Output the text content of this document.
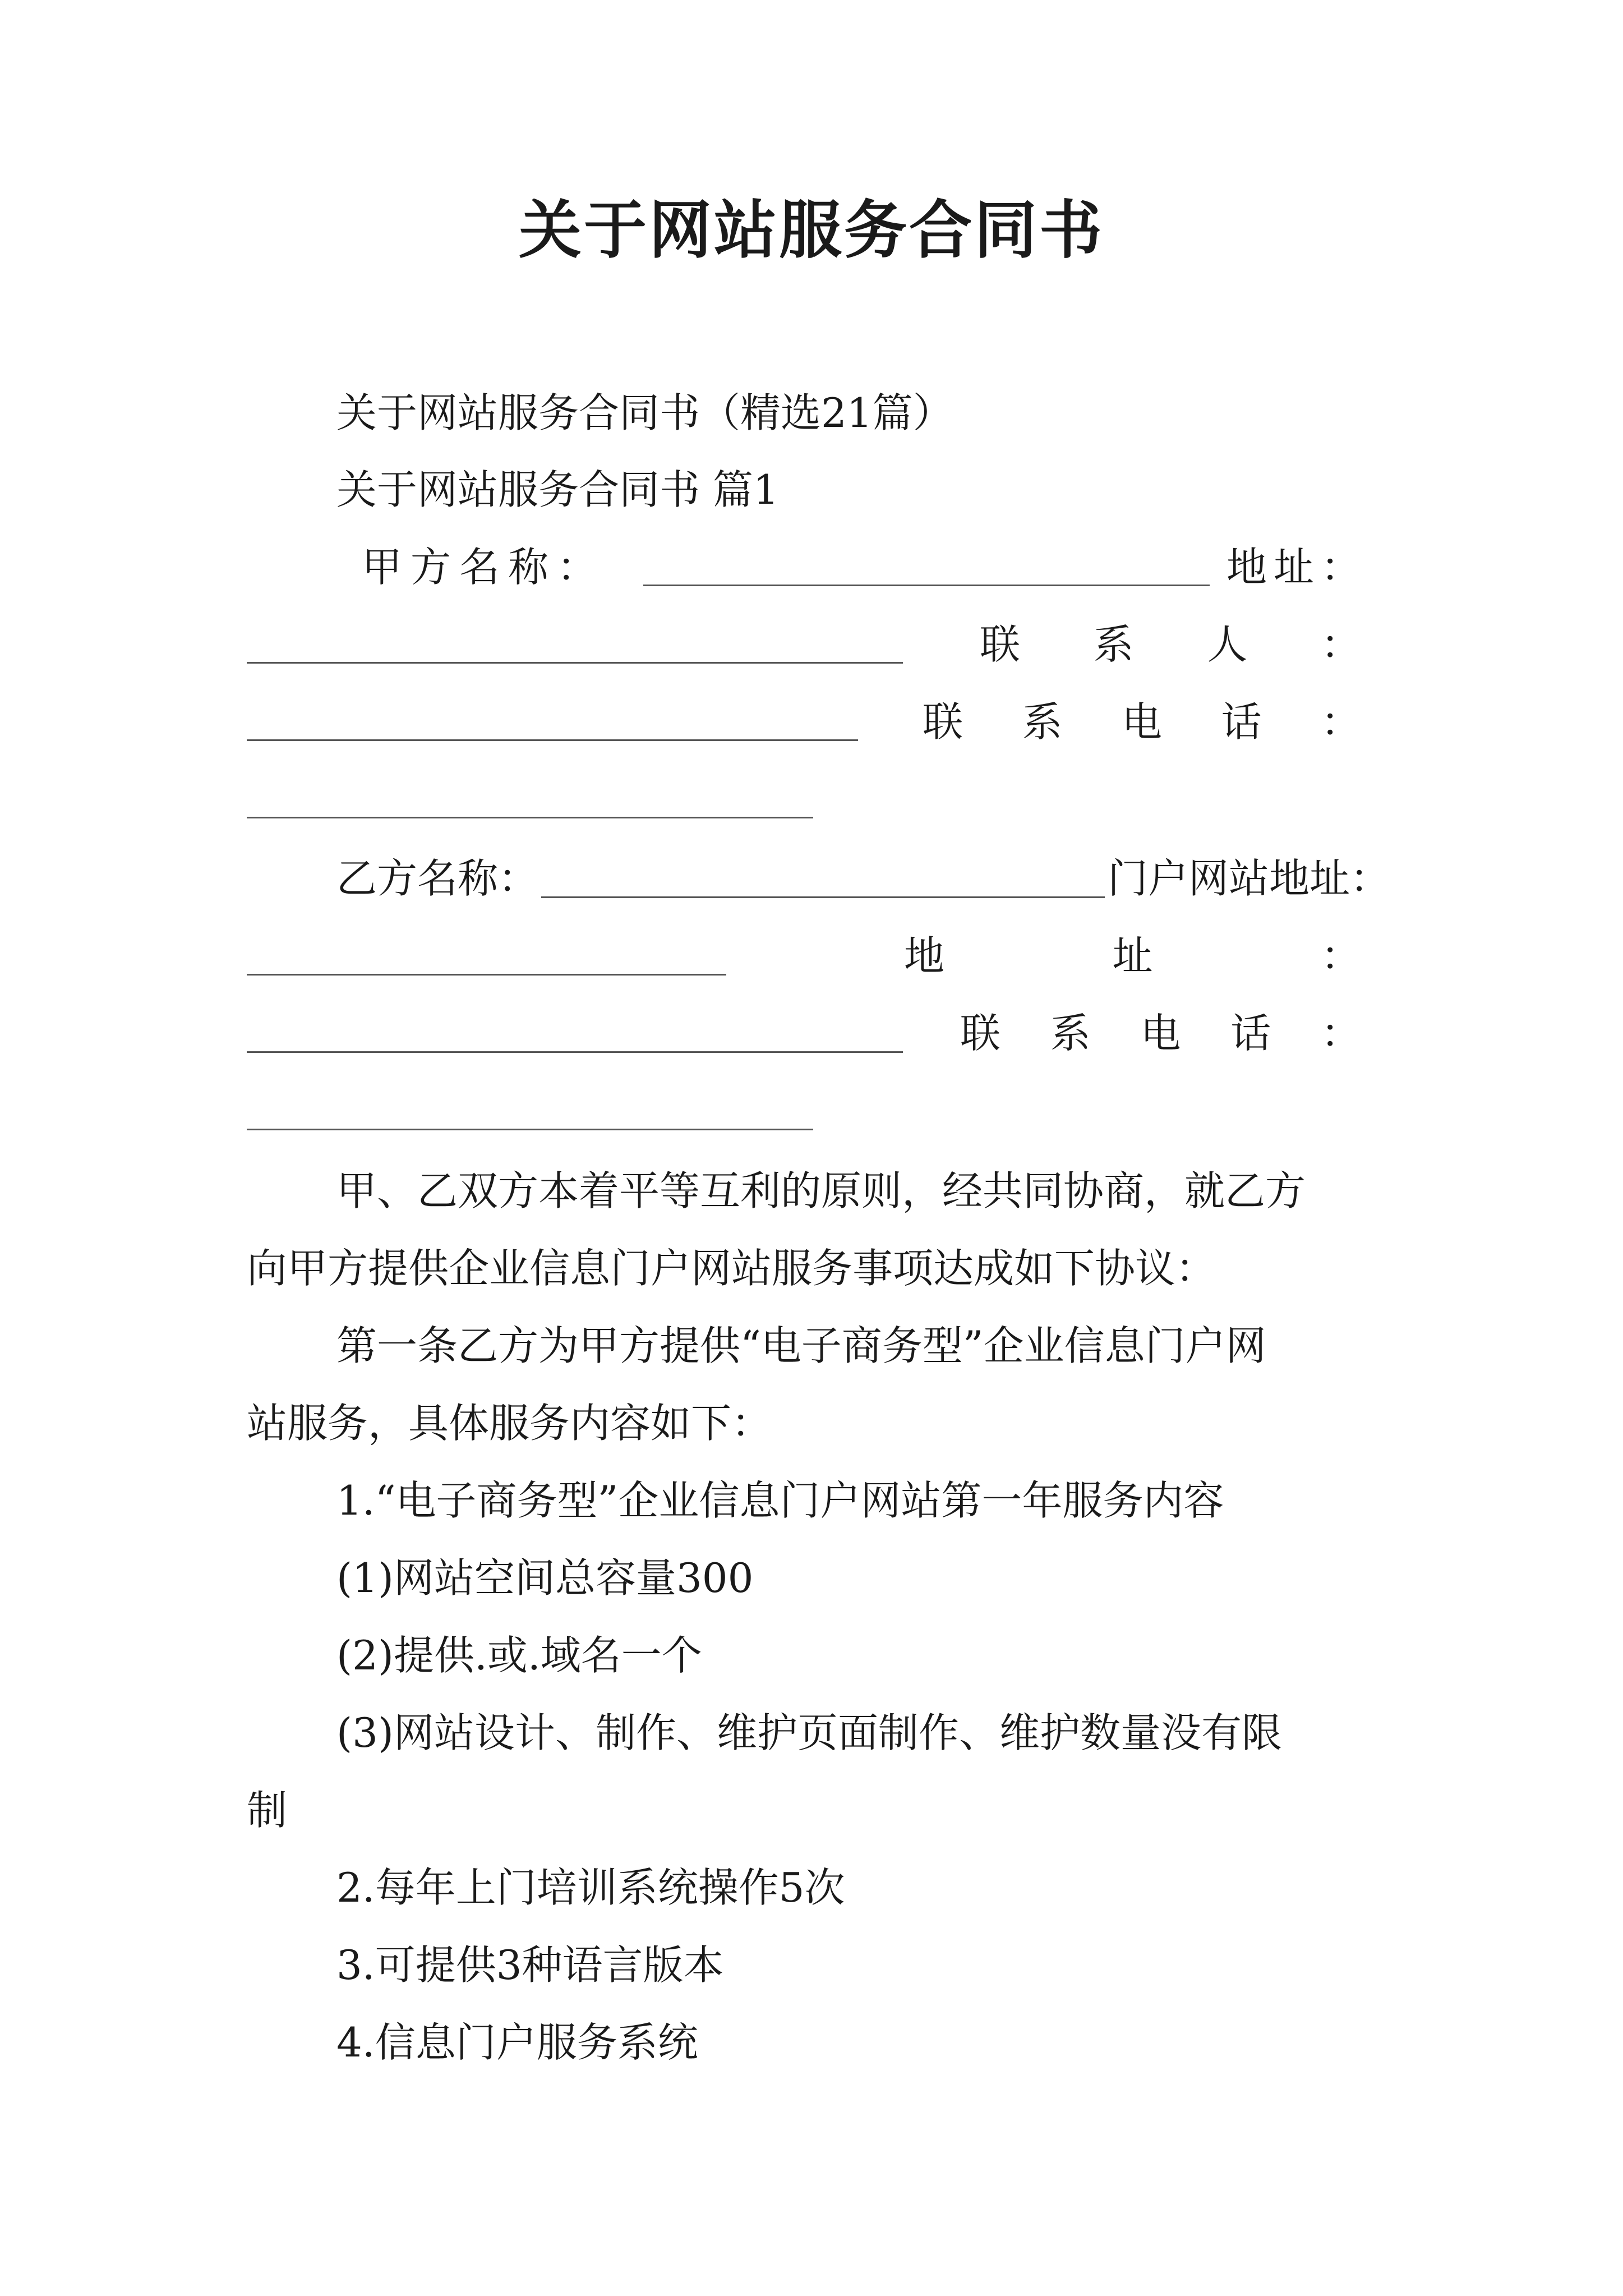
关于网站服务合同书
关于网站服务合同书（精选21篇）
关于网站服务合同书 篇1
甲 方 名 称 ：	地 址 ：
联 系 人 ：
联 系 电 话 ：
乙方名称：	门户网站地址：
地	址	：
联 系 电 话 ：
甲、乙双方本着平等互利的原则，经共同协商，就乙方
向甲方提供企业信息门户网站服务事项达成如下协议：
第一条乙方为甲方提供“电子商务型”企业信息门户网
站服务，具体服务内容如下：
1.“电子商务型”企业信息门户网站第一年服务内容
(1)网站空间总容量300
(2)提供.或.域名一个
(3)网站设计、制作、维护页面制作、维护数量没有限
制
2.每年上门培训系统操作5次
3.可提供3种语言版本
4.信息门户服务系统
